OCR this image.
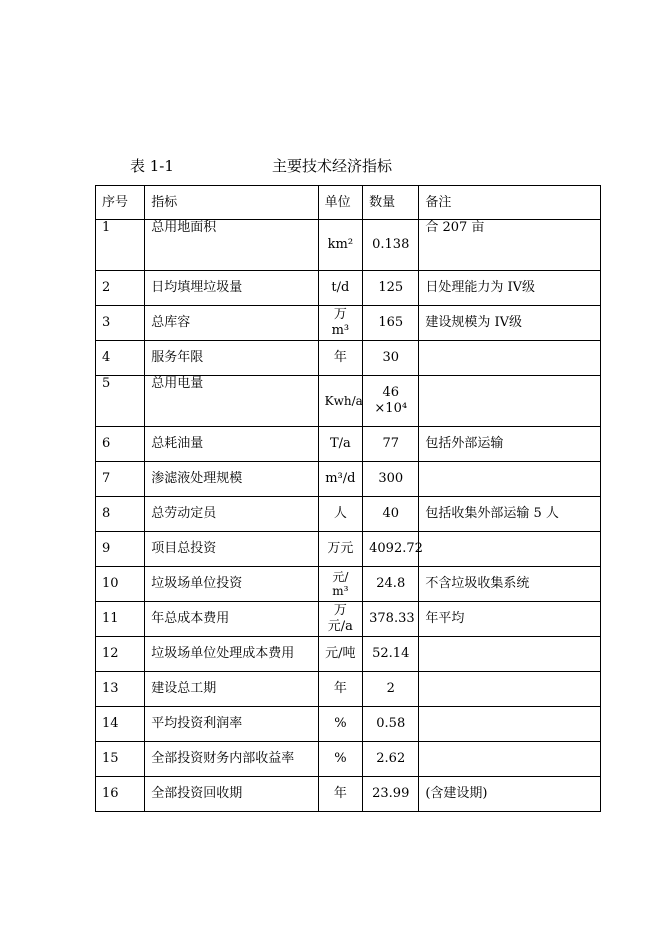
表 1-1	主要技术经济指标
序号	指标	单位	数量	备注
1	总用地面积	km²	0.138	合 207 亩
2	日均填埋垃圾量	t/d	125	日处理能力为 IV级
3	总库容	万 m³	165	建设规模为 IV级
4	服务年限	年	30	
5	总用电量	Kwh/a	46 ×10⁴	
6	总耗油量	T/a	77	包括外部运输
7	渗滤液处理规模	m³/d	300	
8	总劳动定员	人	40	包括收集外部运输 5 人
9	项目总投资	万元	4092.72	
10	垃圾场单位投资	元/ m³	24.8	不含垃圾收集系统
11	年总成本费用	万元/a	378.33	年平均
12	垃圾场单位处理成本费用	元/吨	52.14	
13	建设总工期	年	2	
14	平均投资利润率	%	0.58	
15	全部投资财务内部收益率	%	2.62	
16	全部投资回收期	年	23.99	(含建设期)
